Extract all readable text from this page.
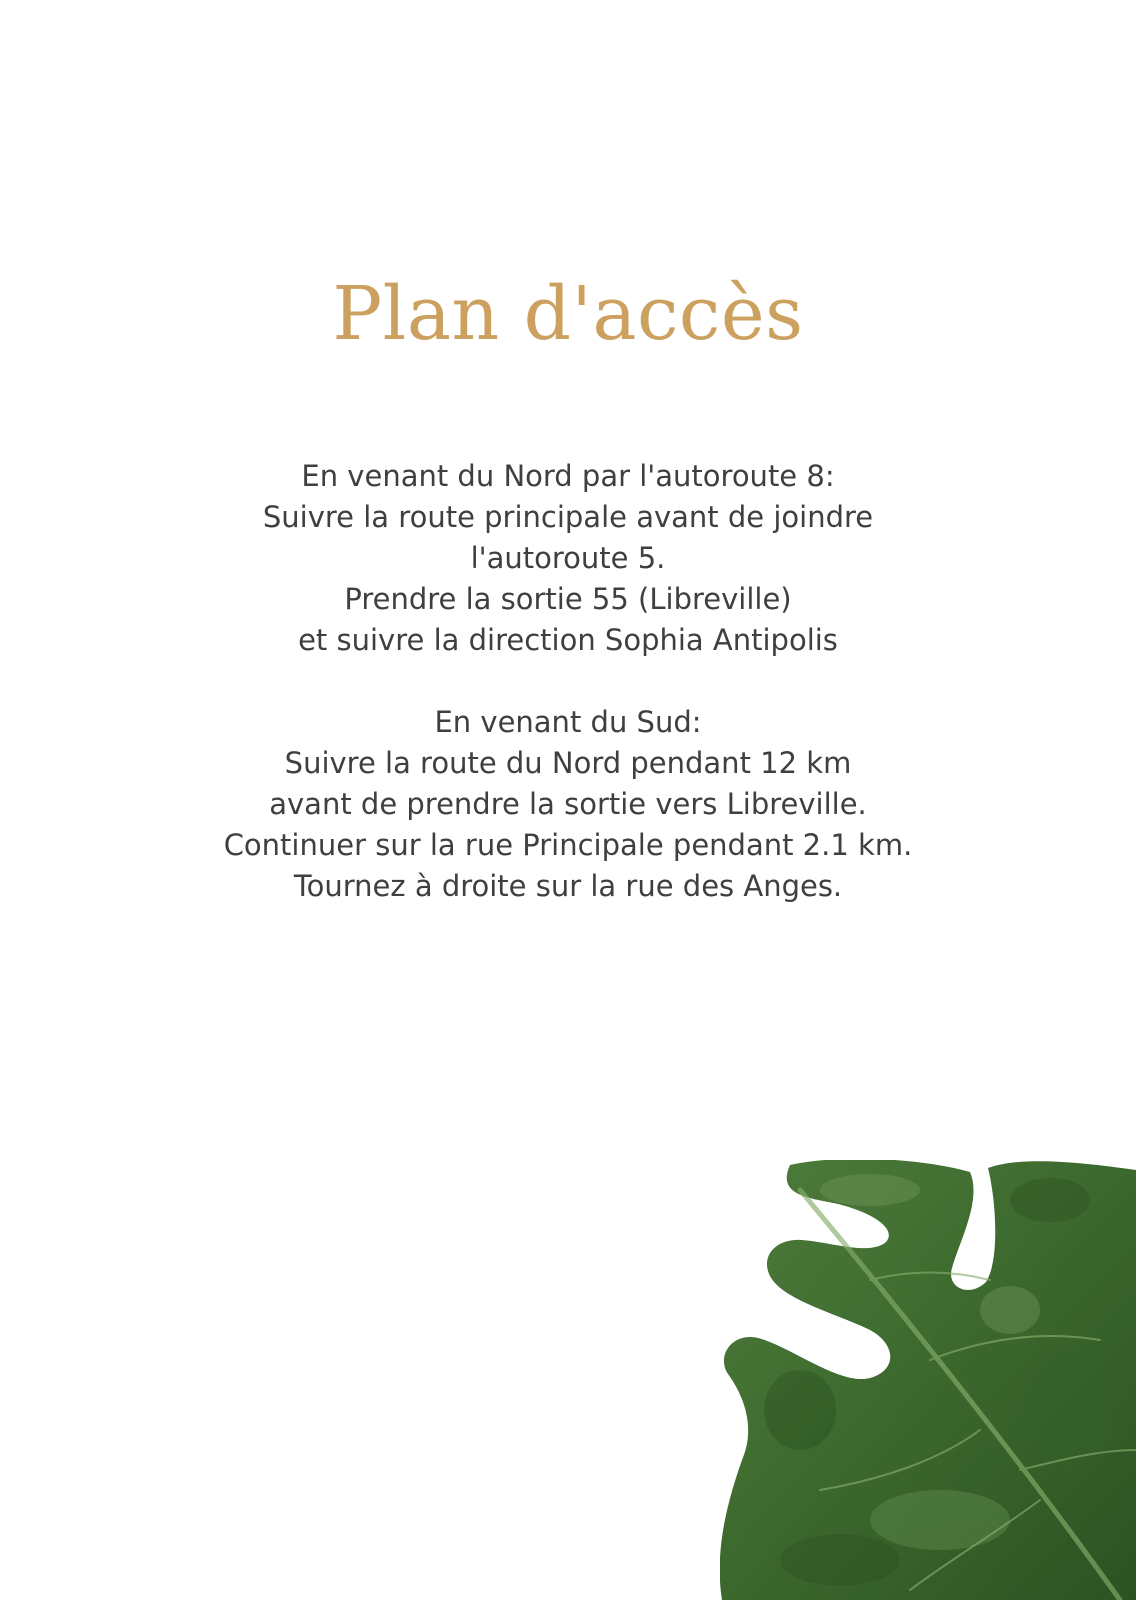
Plan d'accès

En venant du Nord par l'autoroute 8:
Suivre la route principale avant de joindre
l'autoroute 5.
Prendre la sortie 55 (Libreville)
et suivre la direction Sophia Antipolis

En venant du Sud:
Suivre la route du Nord pendant 12 km
avant de prendre la sortie vers Libreville.
Continuer sur la rue Principale pendant 2.1 km.
Tournez à droite sur la rue des Anges.
